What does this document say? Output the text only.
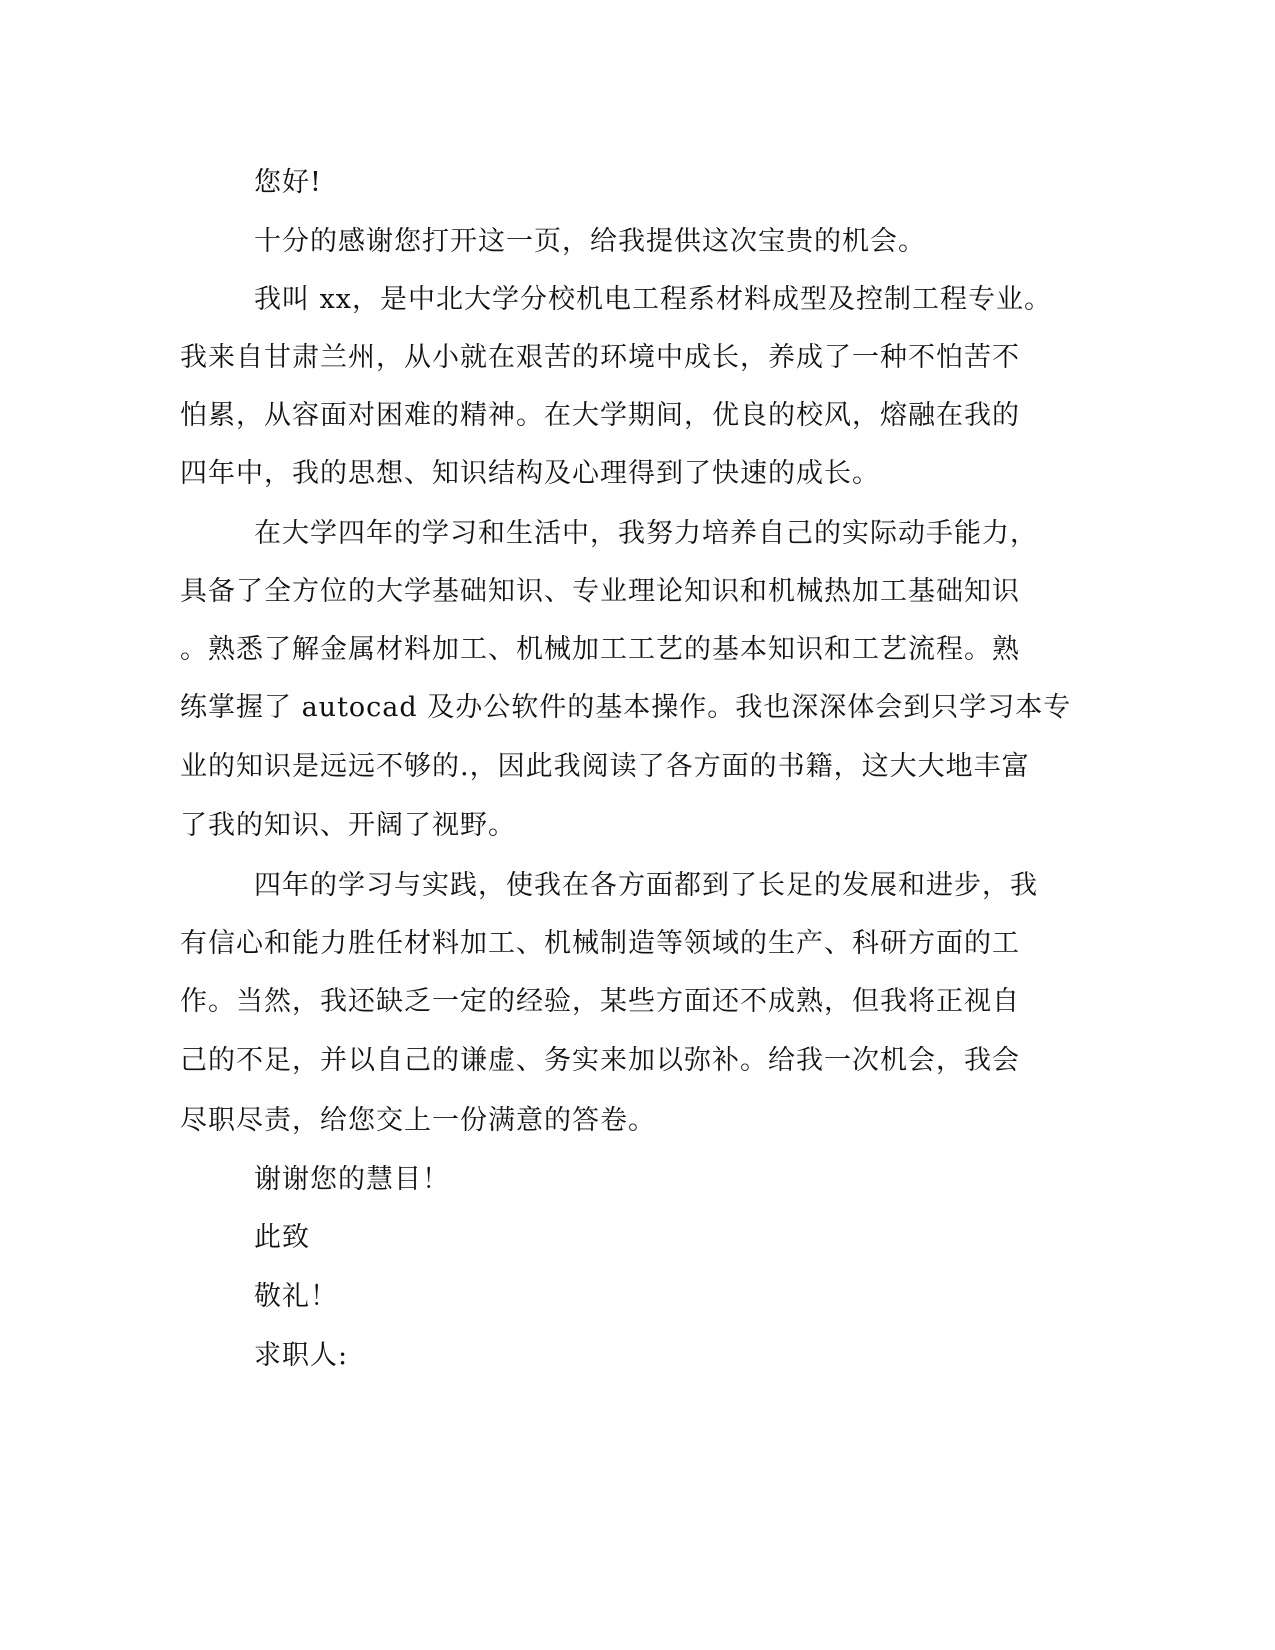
您好!
十分的感谢您打开这一页，给我提供这次宝贵的机会。
我叫 xx，是中北大学分校机电工程系材料成型及控制工程专业。
我来自甘肃兰州，从小就在艰苦的环境中成长，养成了一种不怕苦不
怕累，从容面对困难的精神。在大学期间，优良的校风，熔融在我的
四年中，我的思想、知识结构及心理得到了快速的成长。
在大学四年的学习和生活中，我努力培养自己的实际动手能力，
具备了全方位的大学基础知识、专业理论知识和机械热加工基础知识
。熟悉了解金属材料加工、机械加工工艺的基本知识和工艺流程。熟
练掌握了 autocad 及办公软件的基本操作。我也深深体会到只学习本专
业的知识是远远不够的.，因此我阅读了各方面的书籍，这大大地丰富
了我的知识、开阔了视野。
四年的学习与实践，使我在各方面都到了长足的发展和进步，我
有信心和能力胜任材料加工、机械制造等领域的生产、科研方面的工
作。当然，我还缺乏一定的经验，某些方面还不成熟，但我将正视自
己的不足，并以自己的谦虚、务实来加以弥补。给我一次机会，我会
尽职尽责，给您交上一份满意的答卷。
谢谢您的慧目！
此致
敬礼！
求职人:
